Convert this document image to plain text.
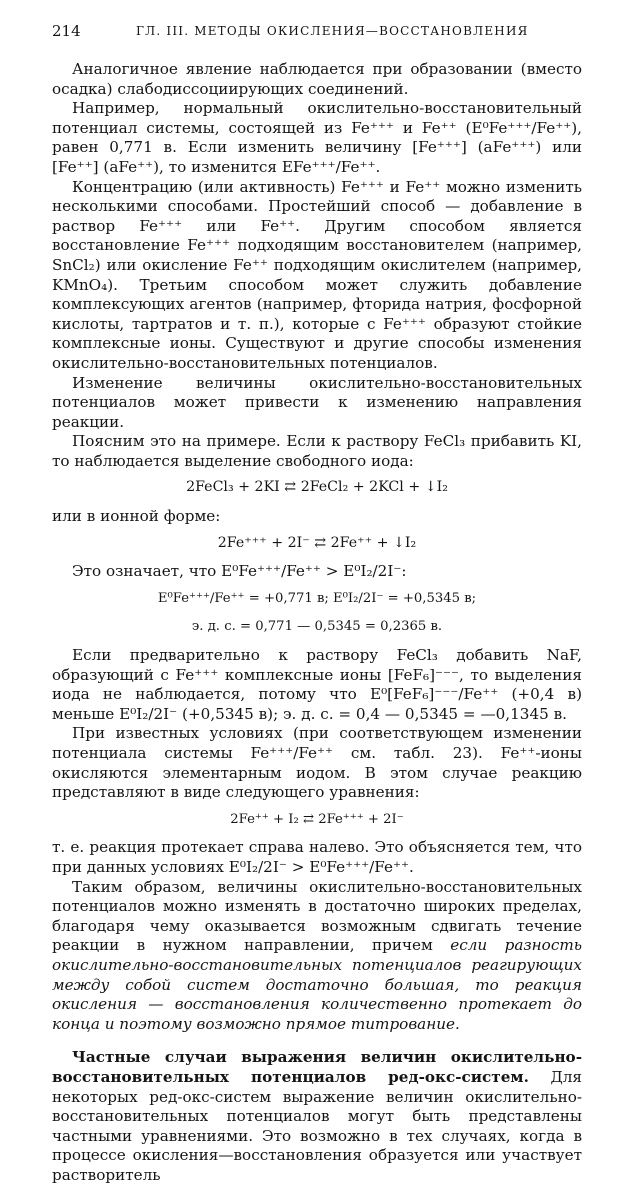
214	ГЛ. III. МЕТОДЫ ОКИСЛЕНИЯ—ВОССТАНОВЛЕНИЯ

Аналогичное явление наблюдается при образовании (вместо осадка) слабодиссоциирующих соединений.

Например, нормальный окислительно-восстановительный потенциал системы, состоящей из Fe⁺⁺⁺ и Fe⁺⁺ (E⁰Fe⁺⁺⁺/Fe⁺⁺), равен 0,771 в. Если изменить величину [Fe⁺⁺⁺] (aFe⁺⁺⁺) или [Fe⁺⁺] (aFe⁺⁺), то изменится EFe⁺⁺⁺/Fe⁺⁺.

Концентрацию (или активность) Fe⁺⁺⁺ и Fe⁺⁺ можно изменить несколькими способами. Простейший способ — добавление в раствор Fe⁺⁺⁺ или Fe⁺⁺. Другим способом является восстановление Fe⁺⁺⁺ подходящим восстановителем (например, SnCl₂) или окисление Fe⁺⁺ подходящим окислителем (например, KMnO₄). Третьим способом может служить добавление комплексующих агентов (например, фторида натрия, фосфорной кислоты, тартратов и т. п.), которые с Fe⁺⁺⁺ образуют стойкие комплексные ионы. Существуют и другие способы изменения окислительно-восстановительных потенциалов.

Изменение величины окислительно-восстановительных потенциалов может привести к изменению направления реакции.

Поясним это на примере. Если к раствору FeCl₃ прибавить KI, то наблюдается выделение свободного иода:

2FeCl₃ + 2KI ⇄ 2FeCl₂ + 2KCl + ↓I₂

или в ионной форме:

2Fe⁺⁺⁺ + 2I⁻ ⇄ 2Fe⁺⁺ + ↓I₂

Это означает, что E⁰Fe⁺⁺⁺/Fe⁺⁺ > E⁰I₂/2I⁻:

E⁰Fe⁺⁺⁺/Fe⁺⁺ = +0,771 в; E⁰I₂/2I⁻ = +0,5345 в;
э. д. с. = 0,771 — 0,5345 = 0,2365 в.

Если предварительно к раствору FeCl₃ добавить NaF, образующий с Fe⁺⁺⁺ комплексные ионы [FeF₆]⁻⁻⁻, то выделения иода не наблюдается, потому что E⁰[FeF₆]⁻⁻⁻/Fe⁺⁺ (+0,4 в) меньше E⁰I₂/2I⁻ (+0,5345 в); э. д. с. = 0,4 — 0,5345 = —0,1345 в.

При известных условиях (при соответствующем изменении потенциала системы Fe⁺⁺⁺/Fe⁺⁺ см. табл. 23). Fe⁺⁺-ионы окисляются элементарным иодом. В этом случае реакцию представляют в виде следующего уравнения:

2Fe⁺⁺ + I₂ ⇄ 2Fe⁺⁺⁺ + 2I⁻

т. е. реакция протекает справа налево. Это объясняется тем, что при данных условиях E⁰I₂/2I⁻ > E⁰Fe⁺⁺⁺/Fe⁺⁺.

Таким образом, величины окислительно-восстановительных потенциалов можно изменять в достаточно широких пределах, благодаря чему оказывается возможным сдвигать течение реакции в нужном направлении, причем если разность окислительно-восстановительных потенциалов реагирующих между собой систем достаточно большая, то реакция окисления — восстановления количественно протекает до конца и поэтому возможно прямое титрование.

Частные случаи выражения величин окислительно-восстановительных потенциалов ред-окс-систем. Для некоторых ред-окс-систем выражение величин окислительно-восстановительных потенциалов могут быть представлены частными уравнениями. Это возможно в тех случаях, когда в процессе окисления—восстановления образуется или участвует растворитель
